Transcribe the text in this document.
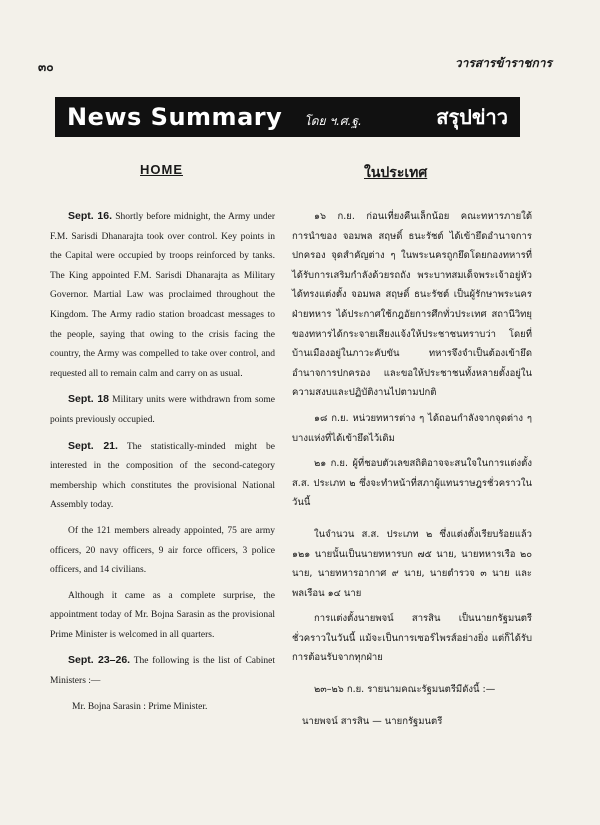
๓๐	วารสารข้าราชการ
News Summary โดย ฯ.ศ.ฐ.	สรุปข่าว
HOME	ในประเทศ

Sept. 16. Shortly before midnight, the Army under F.M. Sarisdi Dhanarajta took over control. Key points in the Capital were occupied by troops reinforced by tanks. The King appointed F.M. Sarisdi Dhanarajta as Military Governor. Martial Law was proclaimed throughout the Kingdom. The Army radio station broadcast messages to the people, saying that owing to the crisis facing the country, the Army was compelled to take over control, and requested all to remain calm and carry on as usual.

Sept. 18 Military units were withdrawn from some points previously occupied.

Sept. 21. The statistically-minded might be interested in the composition of the second-category membership which constitutes the provisional National Assembly today.

Of the 121 members already appointed, 75 are army officers, 20 navy officers, 9 air force officers, 3 police officers, and 14 civilians.

Although it came as a complete surprise, the appointment today of Mr. Bojna Sarasin as the provisional Prime Minister is welcomed in all quarters.

Sept. 23–26. The following is the list of Cabinet Ministers :—

Mr. Bojna Sarasin : Prime Minister.

๑๖ ก.ย. ก่อนเที่ยงคืนเล็กน้อย คณะทหารภายใต้การนำของ จอมพล สฤษดิ์ ธนะรัชต์ ได้เข้ายึดอำนาจการปกครอง จุดสำคัญต่าง ๆ ในพระนครถูกยึดโดยกองทหารที่ได้รับการเสริมกำลังด้วยรถถัง พระบาทสมเด็จพระเจ้าอยู่หัวได้ทรงแต่งตั้ง จอมพล สฤษดิ์ ธนะรัชต์ เป็นผู้รักษาพระนครฝ่ายทหาร ได้ประกาศใช้กฎอัยการศึกทั่วประเทศ สถานีวิทยุของทหารได้กระจายเสียงแจ้งให้ประชาชนทราบว่า โดยที่บ้านเมืองอยู่ในภาวะคับขัน ทหารจึงจำเป็นต้องเข้ายึดอำนาจการปกครอง และขอให้ประชาชนทั้งหลายตั้งอยู่ในความสงบและปฏิบัติงานไปตามปกติ

๑๘ ก.ย. หน่วยทหารต่าง ๆ ได้ถอนกำลังจากจุดต่าง ๆ บางแห่งที่ได้เข้ายึดไว้เดิม

๒๑ ก.ย. ผู้ที่ชอบตัวเลขสถิติอาจจะสนใจในการแต่งตั้ง ส.ส. ประเภท ๒ ซึ่งจะทำหน้าที่สภาผู้แทนราษฎรชั่วคราวในวันนี้

ในจำนวน ส.ส. ประเภท ๒ ซึ่งแต่งตั้งเรียบร้อยแล้ว ๑๒๑ นายนั้นเป็นนายทหารบก ๗๕ นาย, นายทหารเรือ ๒๐ นาย, นายทหารอากาศ ๙ นาย, นายตำรวจ ๓ นาย และพลเรือน ๑๔ นาย

การแต่งตั้งนายพจน์ สารสิน เป็นนายกรัฐมนตรีชั่วคราวในวันนี้ แม้จะเป็นการเซอร์ไพรส์อย่างยิ่ง แต่ก็ได้รับการต้อนรับจากทุกฝ่าย

๒๓–๒๖ ก.ย. รายนามคณะรัฐมนตรีมีดังนี้ :—

นายพจน์ สารสิน — นายกรัฐมนตรี
